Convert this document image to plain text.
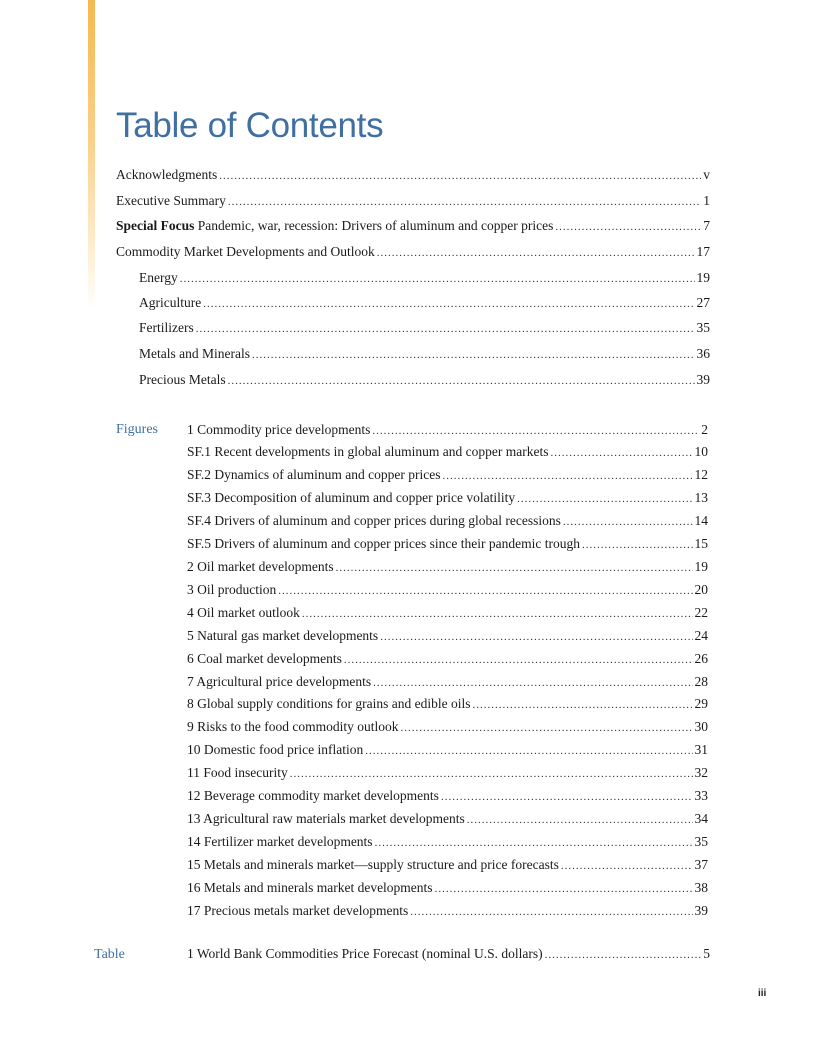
Table of Contents
Acknowledgments .....	v
Executive Summary .....	1
Special Focus Pandemic, war, recession: Drivers of aluminum and copper prices .....	7
Commodity Market Developments and Outlook .....	17
Energy .....	19
Agriculture .....	27
Fertilizers .....	35
Metals and Minerals .....	36
Precious Metals .....	39
Figures 1 Commodity price developments .....	2
SF.1 Recent developments in global aluminum and copper markets .....	10
SF.2 Dynamics of aluminum and copper prices .....	12
SF.3 Decomposition of aluminum and copper price volatility .....	13
SF.4 Drivers of aluminum and copper prices during global recessions .....	14
SF.5 Drivers of aluminum and copper prices since their pandemic trough .....	15
2 Oil market developments .....	19
3 Oil production .....	20
4 Oil market outlook .....	22
5 Natural gas market developments .....	24
6 Coal market developments .....	26
7 Agricultural price developments .....	28
8 Global supply conditions for grains and edible oils .....	29
9 Risks to the food commodity outlook .....	30
10 Domestic food price inflation .....	31
11 Food insecurity .....	32
12 Beverage commodity market developments .....	33
13 Agricultural raw materials market developments .....	34
14 Fertilizer market developments .....	35
15 Metals and minerals market—supply structure and price forecasts .....	37
16 Metals and minerals market developments .....	38
17 Precious metals market developments .....	39
Table	1 World Bank Commodities Price Forecast (nominal U.S. dollars) .....	5
iii
